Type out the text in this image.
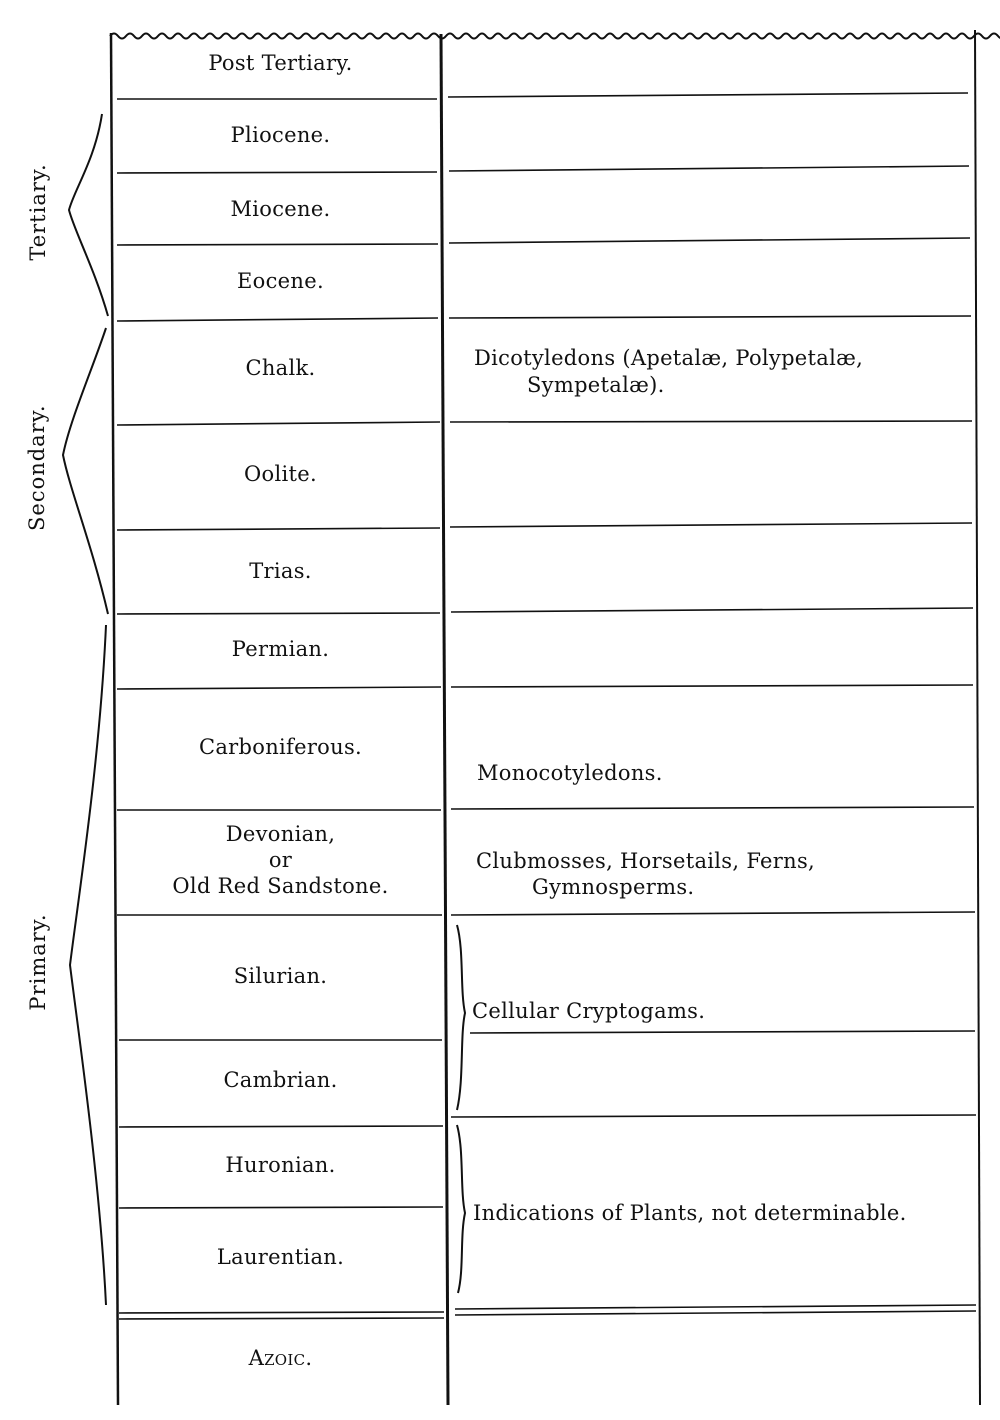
Tertiary.
Secondary.
Primary.
Post Tertiary.
Pliocene.
Miocene.
Eocene.
Chalk.
Oolite.
Trias.
Permian.
Carboniferous.
Devonian,
or
Old Red Sandstone.
Silurian.
Cambrian.
Huronian.
Laurentian.
Azoic.
Dicotyledons (Apetalæ, Polypetalæ,
Sympetalæ).
Monocotyledons.
Clubmosses, Horsetails, Ferns,
Gymnosperms.
Cellular Cryptogams.
Indications of Plants, not determinable.
